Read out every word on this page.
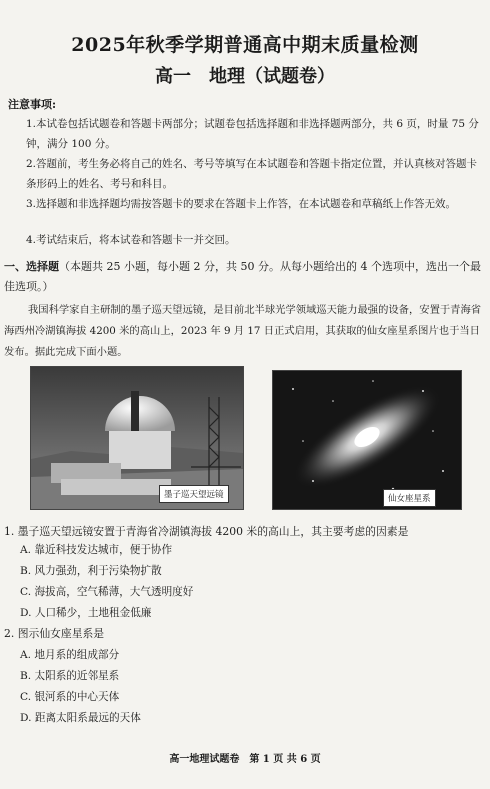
2025年秋季学期普通高中期末质量检测
高一　地理（试题卷）
注意事项:
1.本试卷包括试题卷和答题卡两部分；试题卷包括选择题和非选择题两部分，共 6 页，时量 75 分钟，满分 100 分。
2.答题前，考生务必将自己的姓名、考号等填写在本试题卷和答题卡指定位置，并认真核对答题卡条形码上的姓名、考号和科目。
3.选择题和非选择题均需按答题卡的要求在答题卡上作答，在本试题卷和草稿纸上作答无效。
4.考试结束后，将本试卷和答题卡一并交回。
一、选择题（本题共 25 小题，每小题 2 分，共 50 分。从每小题给出的 4 个选项中，选出一个最佳选项。）
我国科学家自主研制的墨子巡天望远镜，是目前北半球光学领域巡天能力最强的设备，安置于青海省海西州冷湖镇海拔 4200 米的高山上，2023 年 9 月 17 日正式启用，其获取的仙女座星系图片也于当日发布。据此完成下面小题。
墨子巡天望远镜	仙女座星系
1. 墨子巡天望远镜安置于青海省冷湖镇海拔 4200 米的高山上，其主要考虑的因素是
A. 靠近科技发达城市，便于协作
B. 风力强劲，利于污染物扩散
C. 海拔高，空气稀薄，大气透明度好
D. 人口稀少，土地租金低廉
2. 图示仙女座星系是
A. 地月系的组成部分
B. 太阳系的近邻星系
C. 银河系的中心天体
D. 距离太阳系最远的天体
高一地理试题卷　第 1 页 共 6 页
